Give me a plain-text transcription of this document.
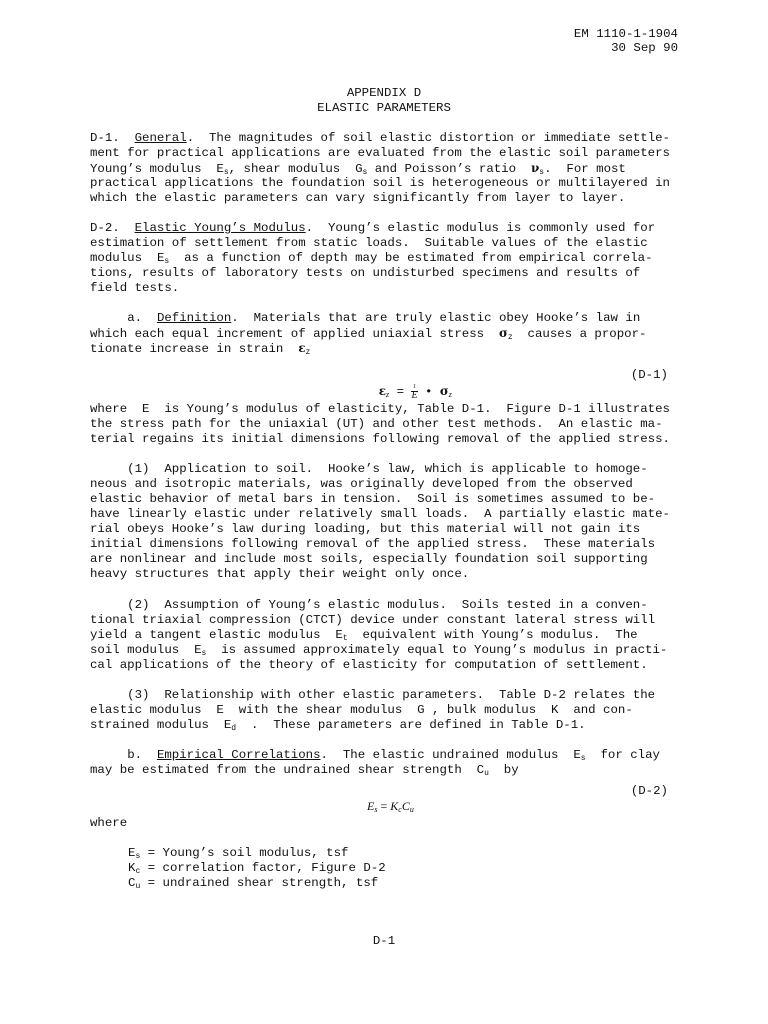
EM 1110-1-1904
30 Sep 90
APPENDIX D
ELASTIC PARAMETERS
D-1. General.  The magnitudes of soil elastic distortion or immediate settle-
ment for practical applications are evaluated from the elastic soil parameters
Young’s modulus $E_s$, shear modulus $G_s$ and Poisson’s ratio $\nu_s$.  For most
practical applications the foundation soil is heterogeneous or multilayered in
which the elastic parameters can vary significantly from layer to layer.
D-2. Elastic Young’s Modulus.  Young’s elastic modulus is commonly used for
estimation of settlement from static loads.  Suitable values of the elastic
modulus $E_s$ as a function of depth may be estimated from empirical correla-
tions, results of laboratory tests on undisturbed specimens and results of
field tests.
a. Definition.  Materials that are truly elastic obey Hooke’s law in
which each equal increment of applied uniaxial stress $\sigma_z$ causes a propor-
tionate increase in strain $\varepsilon_z$

$\varepsilon_z = \frac{1}{E}$ • $\sigma_z$

(D-1)
where  E  is Young’s modulus of elasticity, Table D-1.  Figure D-1 illustrates
the stress path for the uniaxial (UT) and other test methods.  An elastic ma-
terial regains its initial dimensions following removal of the applied stress.
(1)  Application to soil.  Hooke’s law, which is applicable to homoge-
neous and isotropic materials, was originally developed from the observed
elastic behavior of metal bars in tension.  Soil is sometimes assumed to be-
have linearly elastic under relatively small loads.  A partially elastic mate-
rial obeys Hooke’s law during loading, but this material will not gain its
initial dimensions following removal of the applied stress.  These materials
are nonlinear and include most soils, especially foundation soil supporting
heavy structures that apply their weight only once.
(2)  Assumption of Young’s elastic modulus.  Soils tested in a conven-
tional triaxial compression (CTCT) device under constant lateral stress will
yield a tangent elastic modulus  $E_t$  equivalent with Young’s modulus.  The
soil modulus  $E_s$  is assumed approximately equal to Young’s modulus in practi-
cal applications of the theory of elasticity for computation of settlement.
(3)  Relationship with other elastic parameters.  Table D-2 relates the
elastic modulus  E  with the shear modulus  G , bulk modulus  K  and con-
strained modulus  $E_d$  .  These parameters are defined in Table D-1.
b. Empirical Correlations.  The elastic undrained modulus  $E_s$  for clay
may be estimated from the undrained shear strength  $C_u$  by

$E_s = K_cC_u$

(D-2)
where
$E_s$ = Young’s soil modulus, tsf
$K_c$ = correlation factor, Figure D-2
$C_u$ = undrained shear strength, tsf
D-1
